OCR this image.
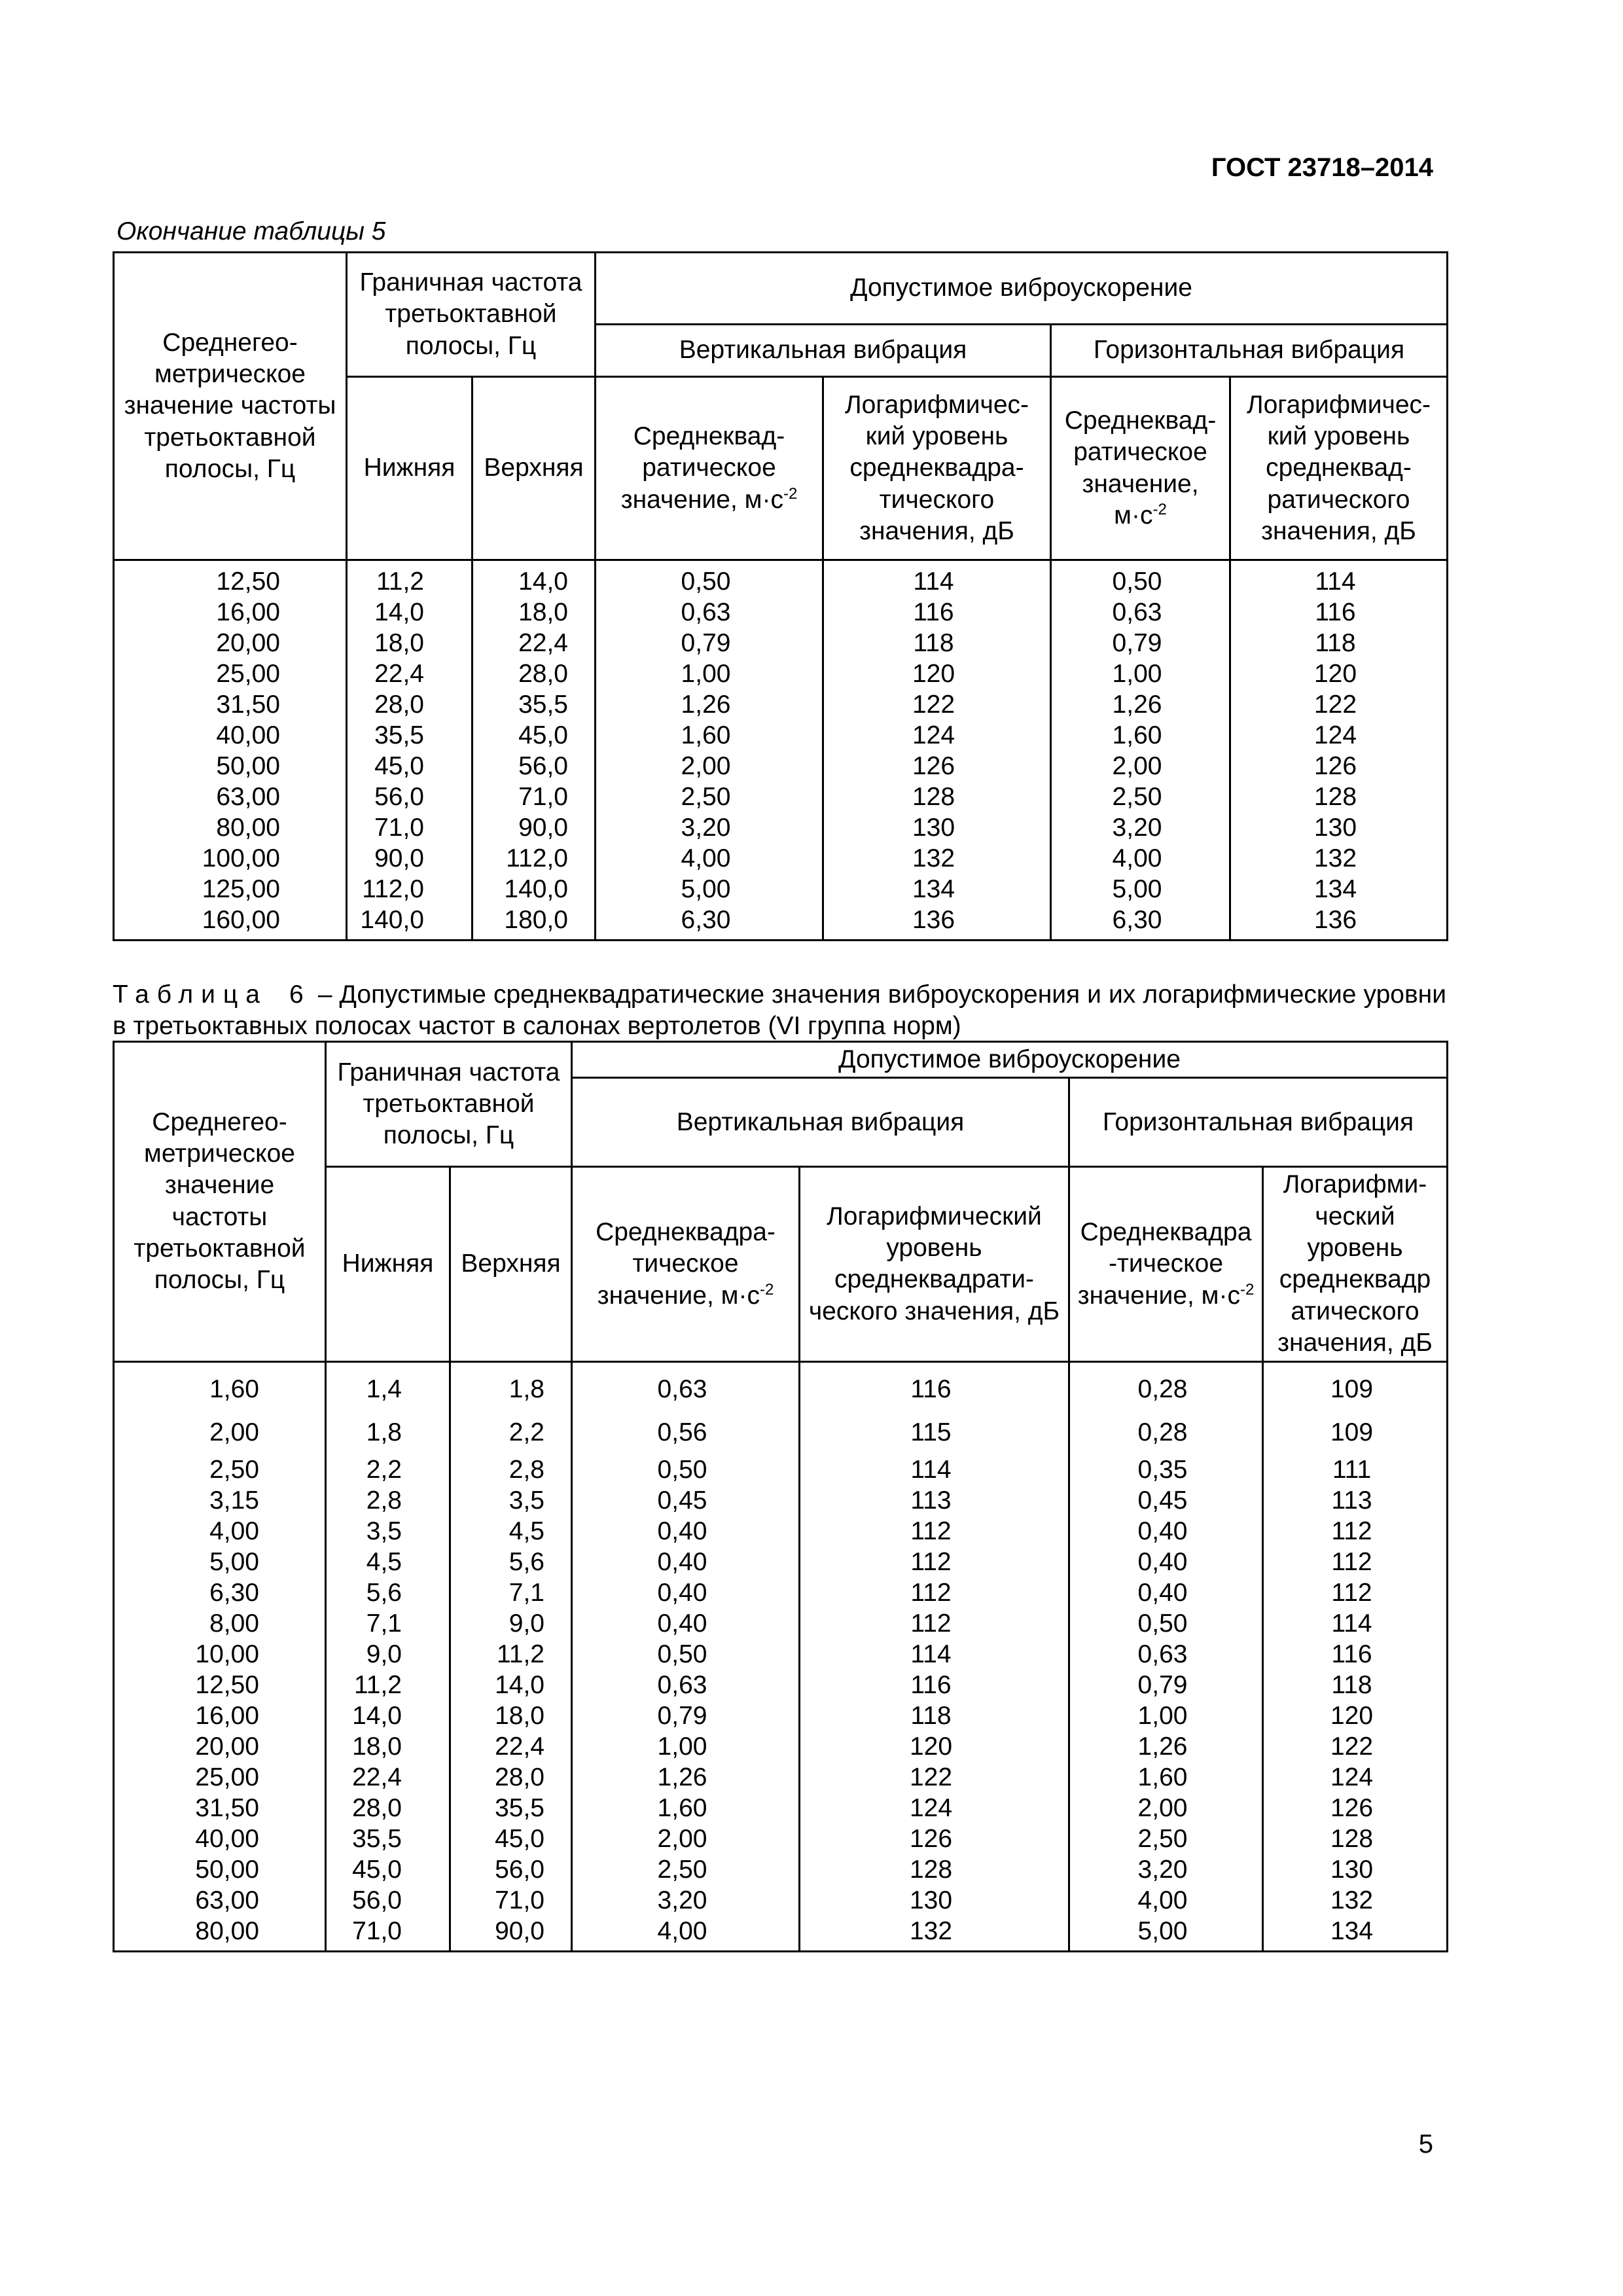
ГОСТ 23718–2014
Окончание таблицы 5
Среднегео-метрическое значение частоты третьоктавной полосы, Гц	Граничная частота третьоктавной полосы, Гц		Допустимое виброускорение			
			Вертикальная вибрация		Горизонтальная вибрация	
	Нижняя	Верхняя	Среднеквад-ратическое значение, $м\cdot с^{-2}$	Логарифмичес-кий уровень среднеквадра-тического значения, дБ	Среднеквад-ратическое значение, $м\cdot с^{-2}$	Логарифмичес-кий уровень среднеквад-ратического значения, дБ
12,50	11,2	14,0	0,50	114	0,50	114
16,00	14,0	18,0	0,63	116	0,63	116
20,00	18,0	22,4	0,79	118	0,79	118
25,00	22,4	28,0	1,00	120	1,00	120
31,50	28,0	35,5	1,26	122	1,26	122
40,00	35,5	45,0	1,60	124	1,60	124
50,00	45,0	56,0	2,00	126	2,00	126
63,00	56,0	71,0	2,50	128	2,50	128
80,00	71,0	90,0	3,20	130	3,20	130
100,00	90,0	112,0	4,00	132	4,00	132
125,00	112,0	140,0	5,00	134	5,00	134
160,00	140,0	180,0	6,30	136	6,30	136
Таблица 6 – Допустимые среднеквадратические значения виброускорения и их логарифмические уровни в третьоктавных полосах частот в салонах вертолетов (VI группа норм)
Среднегео-метрическое значение частоты третьоктавной полосы, Гц	Граничная частота третьоктавной полосы, Гц		Допустимое виброускорение			
			Вертикальная вибрация		Горизонтальная вибрация	
	Нижняя	Верхняя	Среднеквадра-тическое значение, $м\cdot с^{-2}$	Логарифмический уровень среднеквадрати-ческого значения, дБ	Среднеквадра -тическое значение, $м\cdot с^{-2}$	Логарифми-ческий уровень среднеквадр атического значения, дБ
1,60	1,4	1,8	0,63	116	0,28	109
2,00	1,8	2,2	0,56	115	0,28	109
2,50	2,2	2,8	0,50	114	0,35	111
3,15	2,8	3,5	0,45	113	0,45	113
4,00	3,5	4,5	0,40	112	0,40	112
5,00	4,5	5,6	0,40	112	0,40	112
6,30	5,6	7,1	0,40	112	0,40	112
8,00	7,1	9,0	0,40	112	0,50	114
10,00	9,0	11,2	0,50	114	0,63	116
12,50	11,2	14,0	0,63	116	0,79	118
16,00	14,0	18,0	0,79	118	1,00	120
20,00	18,0	22,4	1,00	120	1,26	122
25,00	22,4	28,0	1,26	122	1,60	124
31,50	28,0	35,5	1,60	124	2,00	126
40,00	35,5	45,0	2,00	126	2,50	128
50,00	45,0	56,0	2,50	128	3,20	130
63,00	56,0	71,0	3,20	130	4,00	132
80,00	71,0	90,0	4,00	132	5,00	134
5
